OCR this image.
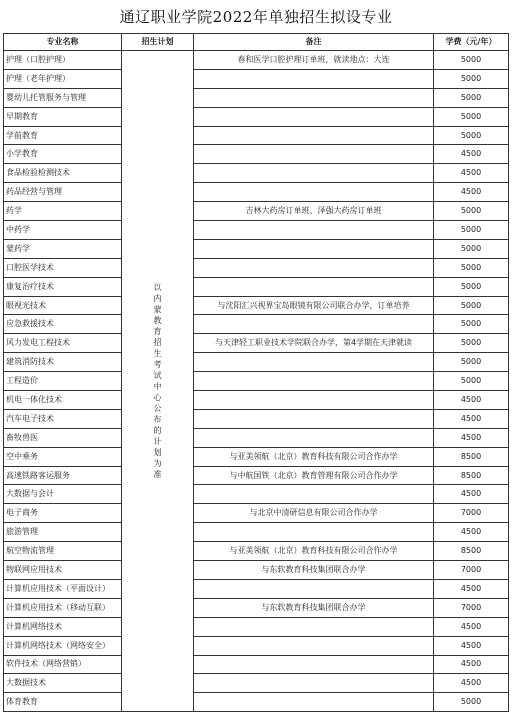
通辽职业学院2022年单独招生拟设专业
专业名称	招生计划	备注	学费（元/年）
护理（口腔护理）	以内蒙教育招生考试中心公布的计划为准	春和医学口腔护理订单班，就读地点：大连	5000
护理（老年护理）			5000
婴幼儿托管服务与管理			5000
早期教育			5000
学前教育			5000
小学教育			4500
食品检验检测技术			4500
药品经营与管理			4500
药学		吉林大药房订单班、泽强大药房订单班	5000
中药学			5000
蒙药学			5000
口腔医学技术			5000
康复治疗技术			5000
眼视光技术		与沈阳汇兴视界宝岛眼镜有限公司联合办学，订单培养	5000
应急救援技术			5000
风力发电工程技术		与天津轻工职业技术学院联合办学，第4学期在天津就读	5000
建筑消防技术			5000
工程造价			5000
机电一体化技术			4500
汽车电子技术			4500
畜牧兽医			4500
空中乘务		与亚美领航（北京）教育科技有限公司合作办学	8500
高速铁路客运服务		与中航国铁（北京）教育管理有限公司合作办学	8500
大数据与会计			4500
电子商务		与北京中清研信息有限公司合作办学	7000
旅游管理			4500
航空物流管理		与亚美领航（北京）教育科技有限公司合作办学	8500
物联网应用技术		与东软教育科技集团联合办学	7000
计算机应用技术（平面设计）			4500
计算机应用技术（移动互联）		与东软教育科技集团联合办学	7000
计算机网络技术			4500
计算机网络技术（网络安全）			4500
软件技术（网络营销）			4500
大数据技术			4500
体育教育			5000
